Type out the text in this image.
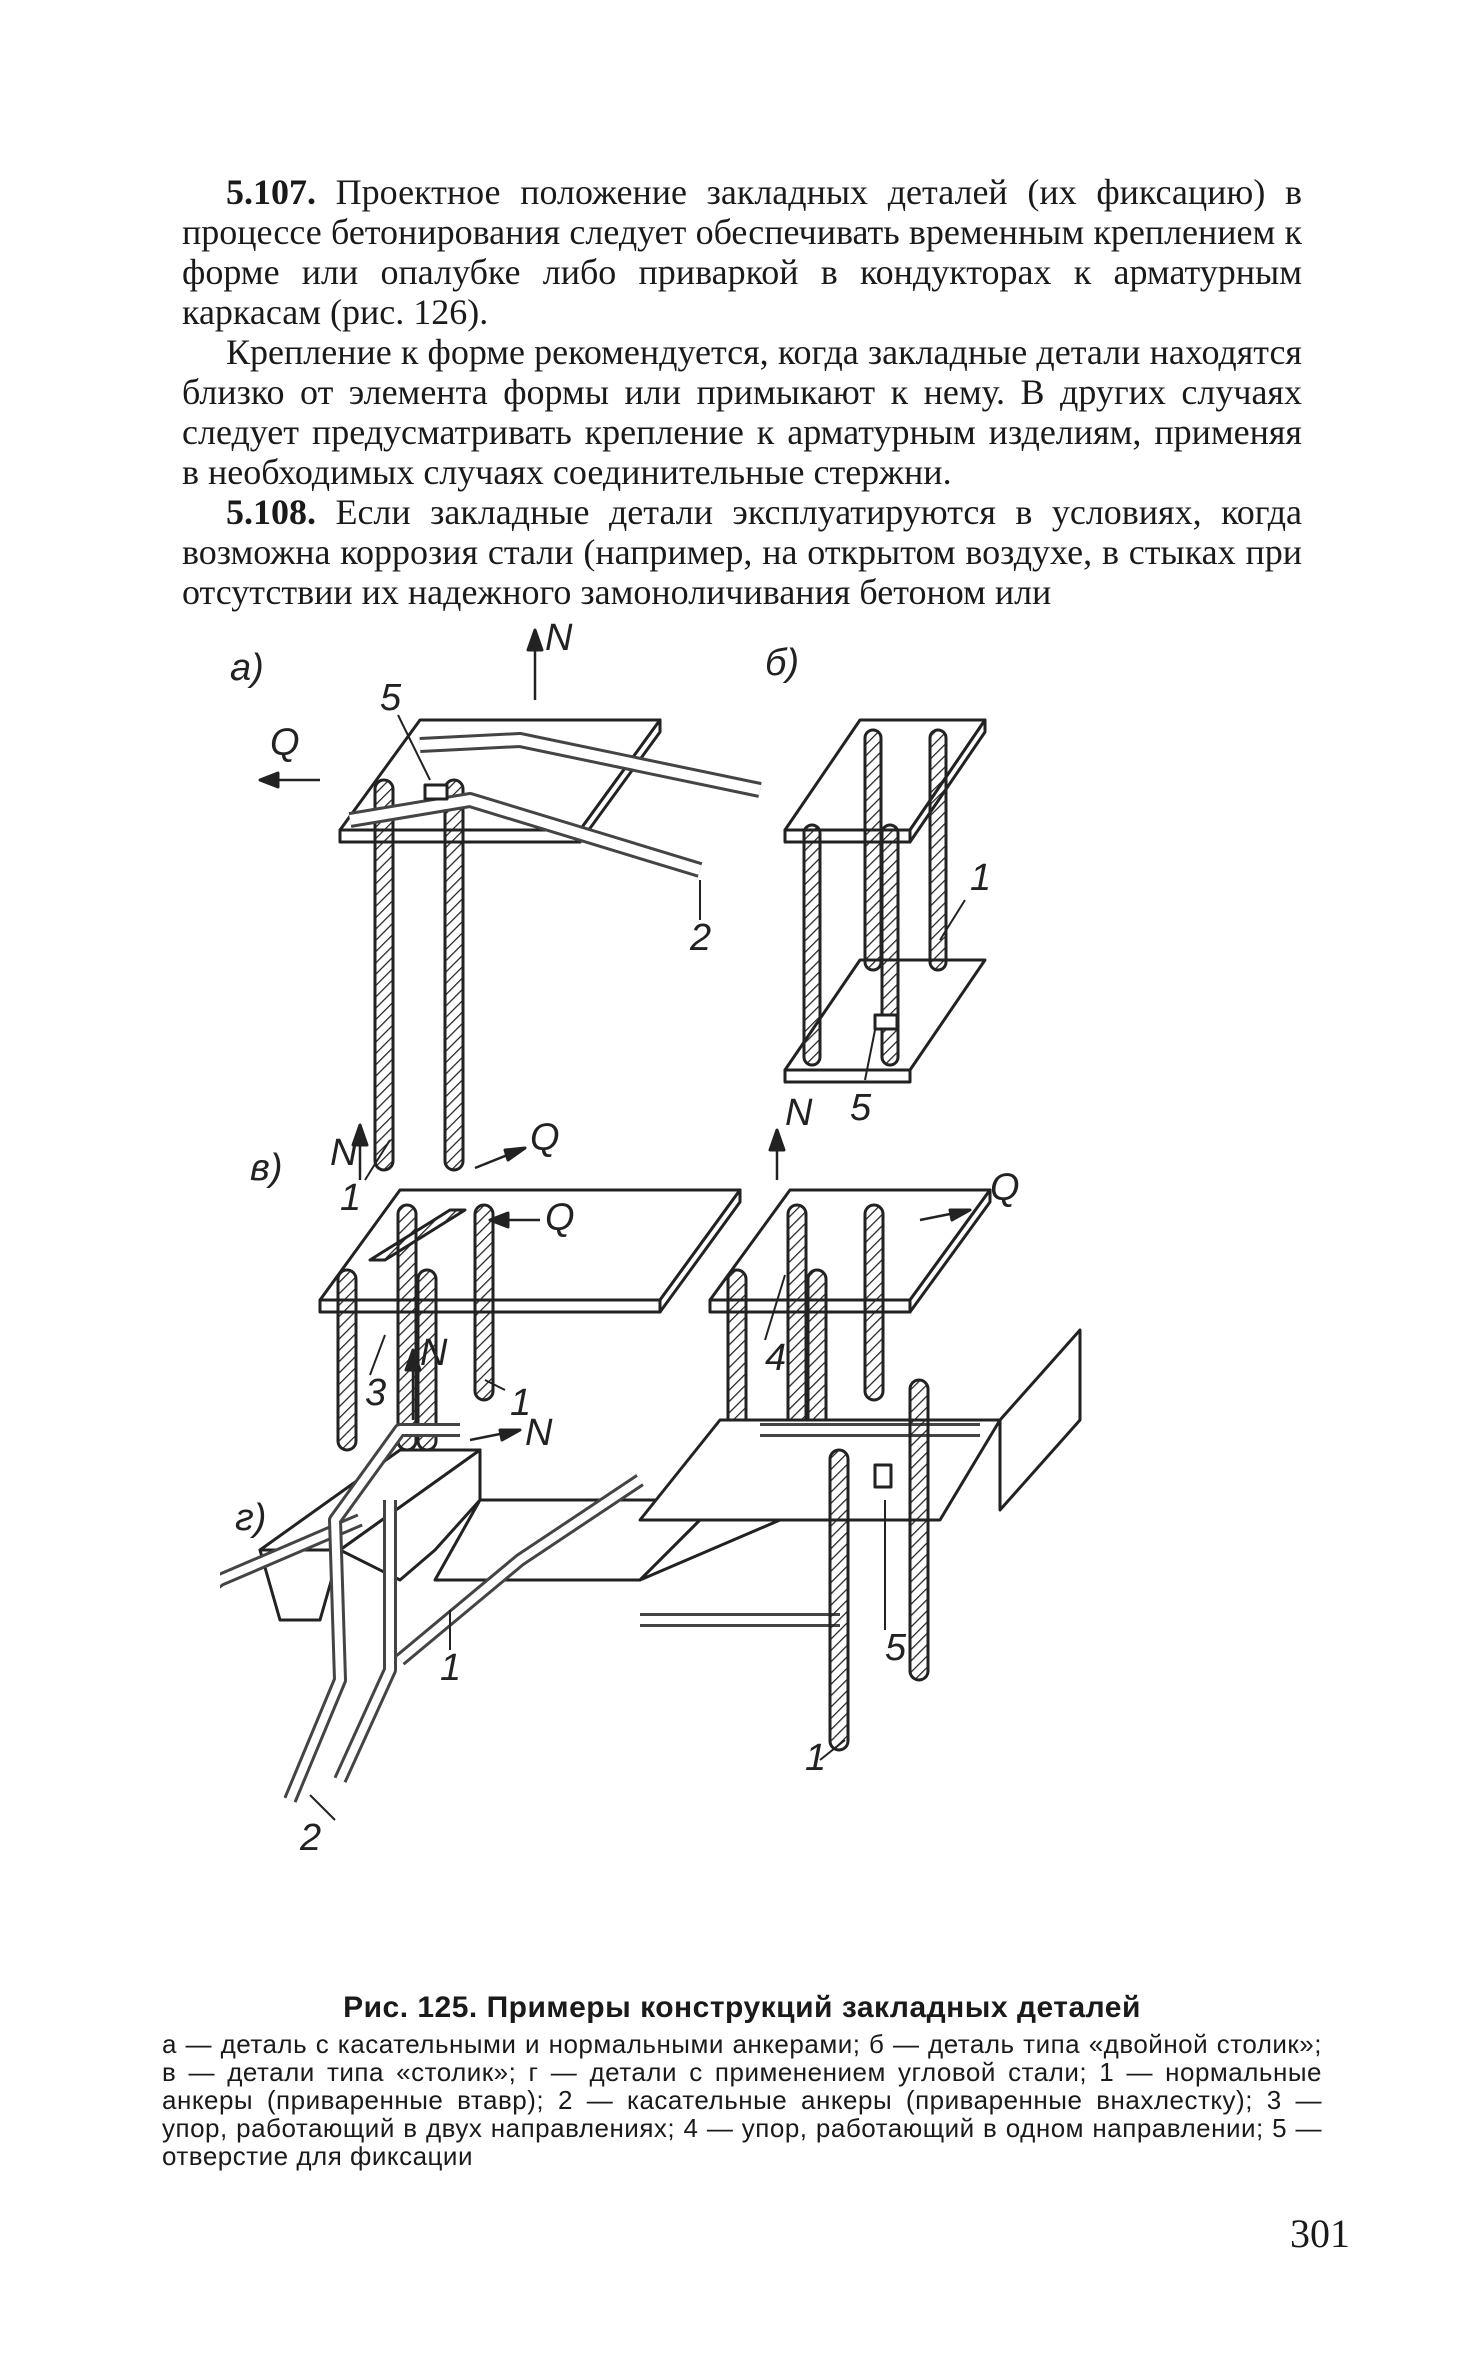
5.107. Проектное положение закладных деталей (их фиксацию) в процессе бетонирования следует обеспечивать временным креплением к форме или опалубке либо приваркой в кондукторах к арматурным каркасам (рис. 126).

Крепление к форме рекомендуется, когда закладные детали находятся близко от элемента формы или примыкают к нему. В других случаях следует предусматривать крепление к арматурным изделиям, применяя в необходимых случаях соединительные стержни.

5.108. Если закладные детали эксплуатируются в условиях, когда возможна коррозия стали (например, на открытом воздухе, в стыках при отсутствии их надежного замоноличивания бетоном или

а)	б)
в)
г)
N
Q
5
2
1
1
5
N	Q
Q
3	1
N
Q
4
N
N
1
2
5
1
Рис. 125. Примеры конструкций закладных деталей
а — деталь с касательными и нормальными анкерами; б — деталь типа «двойной столик»; в — детали типа «столик»; г — детали с применением угловой стали; 1 — нормальные анкеры (приваренные втавр); 2 — касательные анкеры (приваренные внахлестку); 3 — упор, работающий в двух направлениях; 4 — упор, работающий в одном направлении; 5 — отверстие для фиксации
301
